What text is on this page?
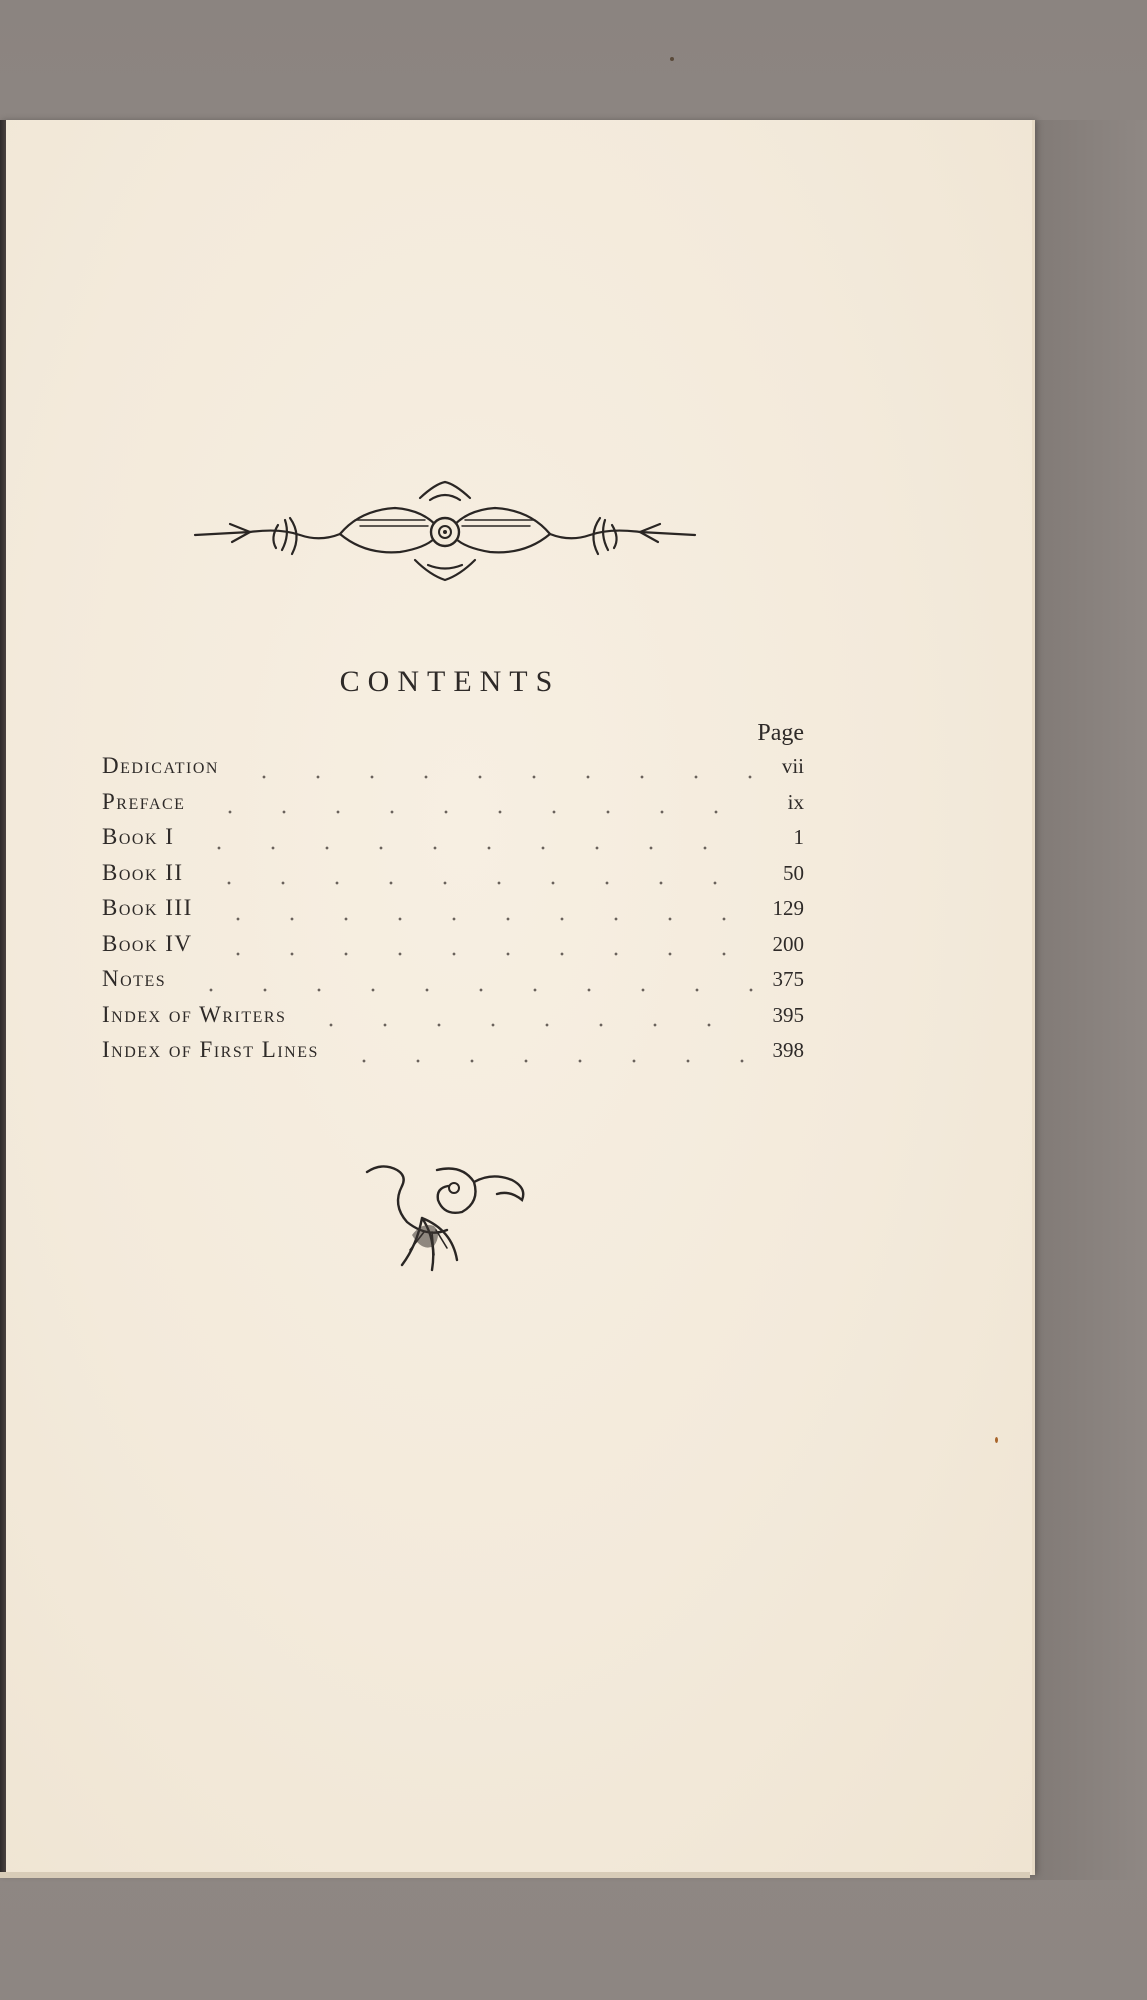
CONTENTS
Page
Dedication	vii
Preface	ix
Book I	1
Book II	50
Book III	129
Book IV	200
Notes	375
Index of Writers	395
Index of First Lines	398
